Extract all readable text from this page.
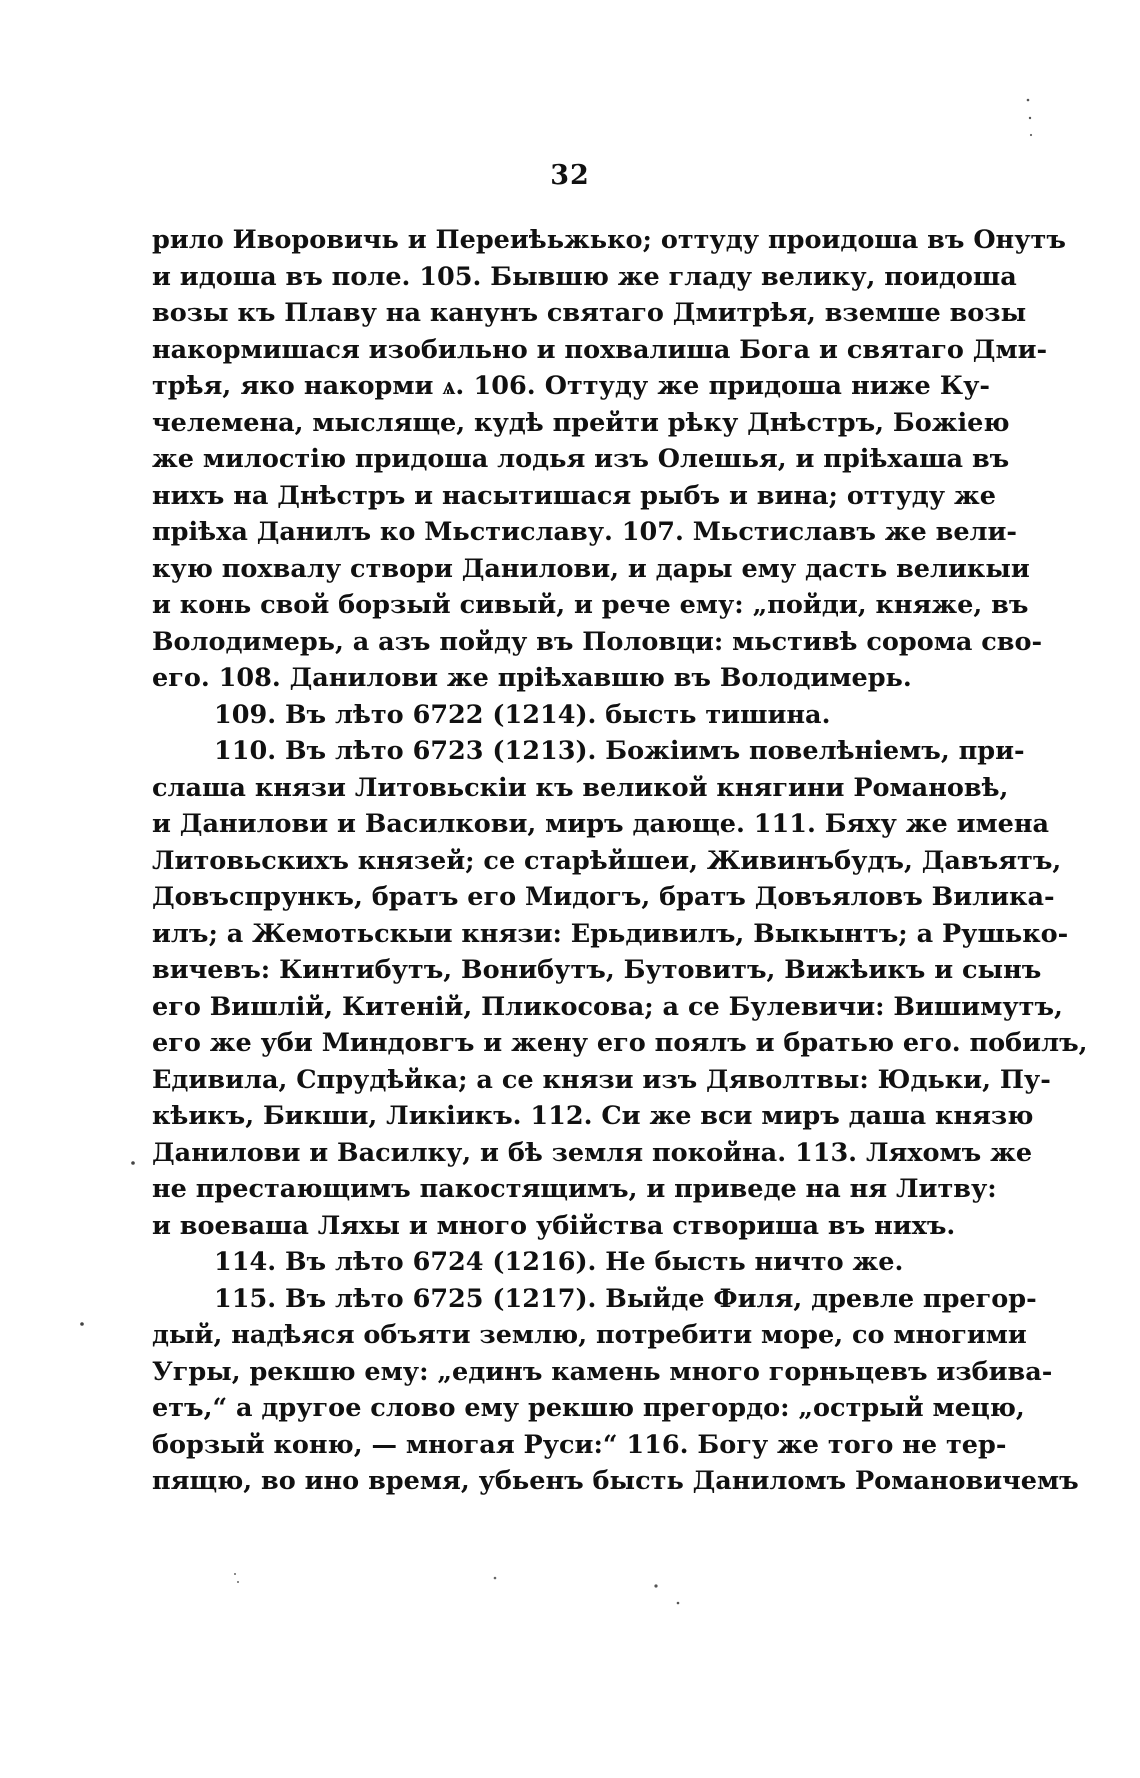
32
рило Иворовичь и Переиѣьжько; оттуду проидоша въ Онутъ
и идоша въ поле. 105. Бывшю же гладу велику, поидоша
возы къ Плаву на канунъ святаго Дмитрѣя, вземше возы
накормишася изобильно и похвалиша Бога и святаго Дми-
трѣя, яко накорми ѧ. 106. Оттуду же придоша ниже Ку-
челемена, мысляще, кудѣ прейти рѣку Днѣстръ, Божіею
же милостію придоша лодья изъ Олешья, и пріѣхаша въ
нихъ на Днѣстръ и насытишася рыбъ и вина; оттуду же
пріѣха Данилъ ко Мьстиславу. 107. Мьстиславъ же вели-
кую похвалу створи Данилови, и дары ему дасть великыи
и конь свой борзый сивый, и рече ему: „пойди, княже, въ
Володимерь, а азъ пойду въ Половци: мьстивѣ сорома сво-
его. 108. Данилови же пріѣхавшю въ Володимерь.
109. Въ лѣто 6722 (1214). бысть тишина.
110. Въ лѣто 6723 (1213). Божіимъ повелѣніемъ, при-
слаша князи Литовьскіи къ великой княгини Романовѣ,
и Данилови и Василкови, миръ дающе. 111. Бяху же имена
Литовьскихъ князей; се старѣйшеи, Живинъбудъ, Давъятъ,
Довъспрункъ, братъ его Мидогъ, братъ Довъяловъ Вилика-
илъ; а Жемотьскыи князи: Ерьдивилъ, Выкынтъ; а Рушько-
вичевъ: Кинтибутъ, Вонибутъ, Бутовитъ, Вижѣикъ и сынъ
его Вишлій, Китеній, Пликосова; а се Булевичи: Вишимутъ,
его же уби Миндовгъ и жену его поялъ и братью его. побилъ,
Едивила, Спрудѣйка; а се князи изъ Дяволтвы: Юдьки, Пу-
кѣикъ, Бикши, Ликіикъ. 112. Си же вси миръ даша князю
Данилови и Василку, и бѣ земля покойна. 113. Ляхомъ же
не престающимъ пакостящимъ, и приведе на ня Литву:
и воеваша Ляхы и много убійства створиша въ нихъ.
114. Въ лѣто 6724 (1216). Не бысть ничто же.
115. Въ лѣто 6725 (1217). Выйде Филя, древле прегор-
дый, надѣяся объяти землю, потребити море, со многими
Угры, рекшю ему: „единъ камень много горньцевъ избива-
етъ,“ а другое слово ему рекшю прегордо: „острый мецю,
борзый коню, — многая Руси:“ 116. Богу же того не тер-
пящю, во ино время, убьенъ бысть Даниломъ Романовичемъ
